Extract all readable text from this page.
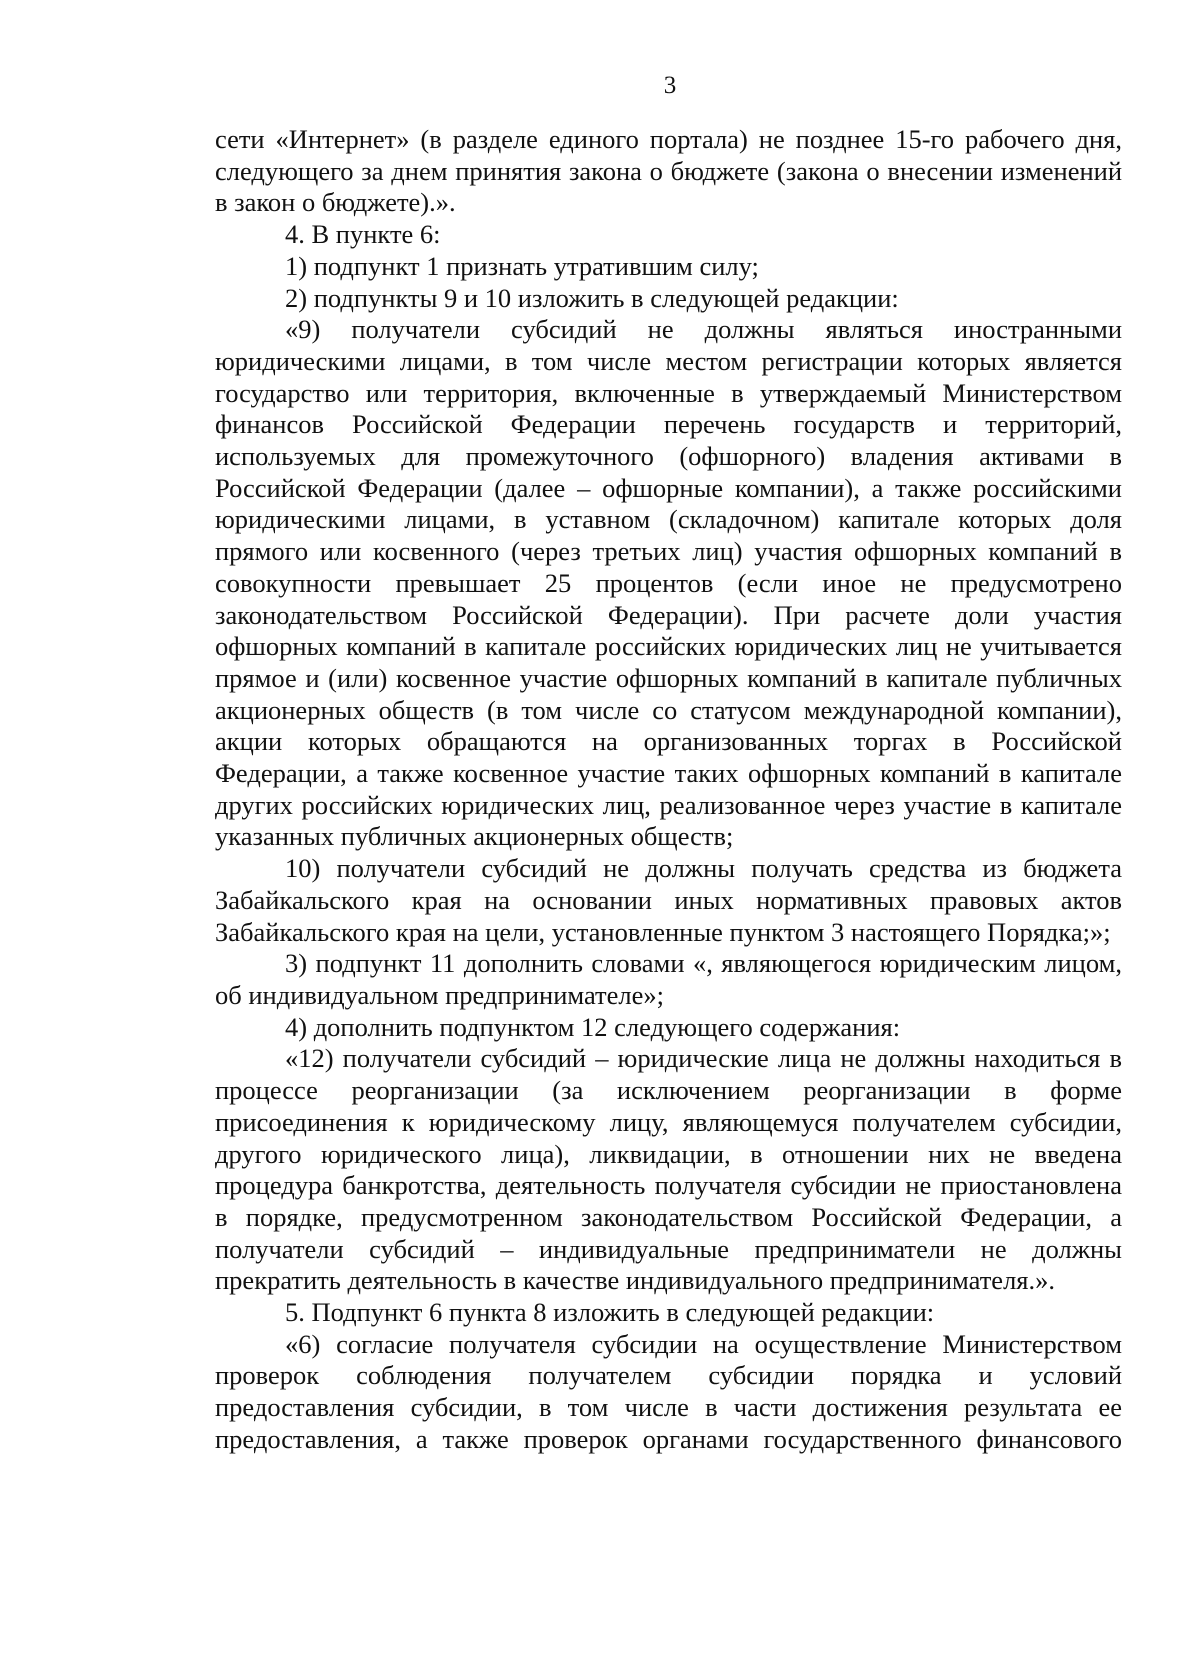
3

сети «Интернет» (в разделе единого портала) не позднее 15-го рабочего дня, следующего за днем принятия закона о бюджете (закона о внесении изменений в закон о бюджете).».

4. В пункте 6:

1) подпункт 1 признать утратившим силу;

2) подпункты 9 и 10 изложить в следующей редакции:

«9) получатели субсидий не должны являться иностранными юридическими лицами, в том числе местом регистрации которых является государство или территория, включенные в утверждаемый Министерством финансов Российской Федерации перечень государств и территорий, используемых для промежуточного (офшорного) владения активами в Российской Федерации (далее – офшорные компании), а также российскими юридическими лицами, в уставном (складочном) капитале которых доля прямого или косвенного (через третьих лиц) участия офшорных компаний в совокупности превышает 25 процентов (если иное не предусмотрено законодательством Российской Федерации). При расчете доли участия офшорных компаний в капитале российских юридических лиц не учитывается прямое и (или) косвенное участие офшорных компаний в капитале публичных акционерных обществ (в том числе со статусом международной компании), акции которых обращаются на организованных торгах в Российской Федерации, а также косвенное участие таких офшорных компаний в капитале других российских юридических лиц, реализованное через участие в капитале указанных публичных акционерных обществ;

10) получатели субсидий не должны получать средства из бюджета Забайкальского края на основании иных нормативных правовых актов Забайкальского края на цели, установленные пунктом 3 настоящего Порядка;»;

3) подпункт 11 дополнить словами «, являющегося юридическим лицом, об индивидуальном предпринимателе»;

4) дополнить подпунктом 12 следующего содержания:

«12) получатели субсидий – юридические лица не должны находиться в процессе реорганизации (за исключением реорганизации в форме присоединения к юридическому лицу, являющемуся получателем субсидии, другого юридического лица), ликвидации, в отношении них не введена процедура банкротства, деятельность получателя субсидии не приостановлена в порядке, предусмотренном законодательством Российской Федерации, а получатели субсидий – индивидуальные предприниматели не должны прекратить деятельность в качестве индивидуального предпринимателя.».

5. Подпункт 6 пункта 8 изложить в следующей редакции:

«6) согласие получателя субсидии на осуществление Министерством проверок соблюдения получателем субсидии порядка и условий предоставления субсидии, в том числе в части достижения результата ее предоставления, а также проверок органами государственного финансового
